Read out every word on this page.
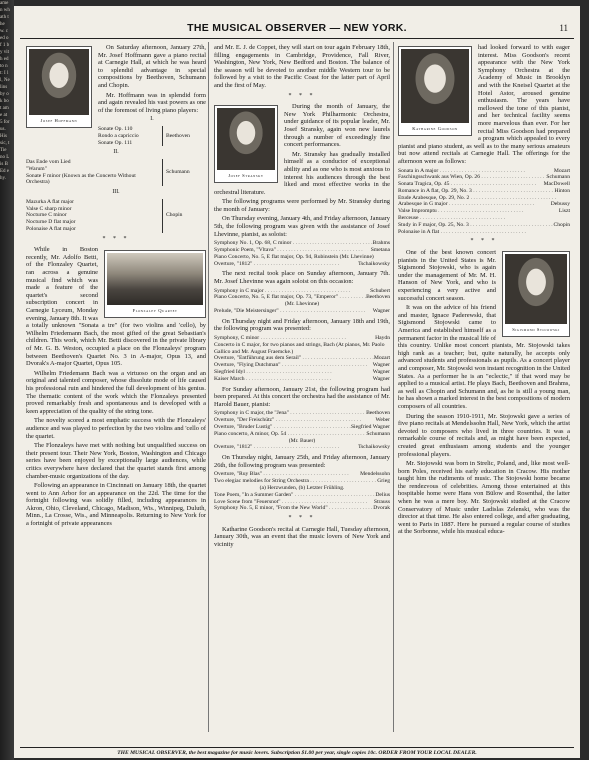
amen wh ath the w. ced of 1 by vith ed to nt: I ll, Ne lins by ok bot ame at 5 for us. His sic, t Tie no L is B Ed e hy.
THE MUSICAL OBSERVER — NEW YORK.	11
Josef Hoffmann

On Saturday afternoon, January 27th, Mr. Josef Hoffmann gave a piano recital at Carnegie Hall, at which he was heard to splendid advantage in special compositions by Beethoven, Schumann and Chopin.

Mr. Hoffmann was in splendid form and again revealed his vast powers as one of the foremost of living piano players:

I.
Sonate Op. 110
Rondo a capriccio
Sonate Op. 111
Beethoven
II.
Das Ende vom Lied
"Warum"
Sonate F minor (Known as the Concerto Without Orchestra)
Schumann
III.
Mazurka A flat major
Valse C sharp minor
Nocturne C minor
Nocturne D flat major
Polonaise A flat major
Chopin
* * *
Flonzaley Quartet

While in Boston recently, Mr. Adolfo Betti, of the Flonzaley Quartet, ran across a genuine musical find which was made a feature of the quartet's second subscription concert in Carnegie Lyceum, Monday evening, January 8th. It was a totally unknown "Sonata a tre" (for two violins and 'cello), by Wilhelm Friedemann Bach, the most gifted of the great Sebastian's children. This work, which Mr. Betti discovered in the private library of Mr. G. B. Weston, occupied a place on the Flonzaleys' program between Beethoven's Quartet No. 3 in A-major, Opus 13, and Dvorak's A-major Quartet, Opus 105.

Wilhelm Friedemann Bach was a virtuoso on the organ and an original and talented composer, whose dissolute mode of life caused his professional ruin and hindered the full development of his genius. The thematic content of the work which the Flonzaleys presented proved remarkably fresh and spontaneous and is developed with a keen appreciation of the quality of the string tone.

The novelty scored a most emphatic success with the Flonzaleys' audience and was played to perfection by the two violins and 'cello of the quartet.

The Flonzaleys have met with nothing but unqualified success on their present tour. Their New York, Boston, Washington and Chicago series have been enjoyed by exceptionally large audiences, while critics everywhere have declared that the quartet stands first among chamber-music organizations of the day.

Following an appearance in Cincinnati on January 18th, the quartet went to Ann Arbor for an appearance on the 22d. The time for the fortnight following was solidly filled, including appearances in Akron, Ohio, Cleveland, Chicago, Madison, Wis., Winnipeg, Duluth, Minn., La Crosse, Wis., and Minneapolis. Returning to New York for a fortnight of private appearances

and Mr. E. J. de Coppet, they will start on tour again February 18th, filling engagements in Cambridge, Providence, Fall River, Washington, New York, New Bedford and Boston. The balance of the season will be devoted to another middle Western tour to be followed by a visit to the Pacific Coast for the latter part of April and the first of May.

* * *
Josef Stransky

During the month of January, the New York Philharmonic Orchestra, under guidance of its popular leader, Mr. Josef Stransky, again won new laurels through a number of exceedingly fine concert performances.

Mr. Stransky has gradually installed himself as a conductor of exceptional ability and as one who is most anxious to interest his audiences through the best liked and most effective works in the orchestral literature.

The following programs were performed by Mr. Stransky during the month of January:

On Thursday evening, January 4th, and Friday afternoon, January 5th, the following program was given with the assistance of Josef Lhevinne, pianist, as soloist:

Symphony No. 1, Op. 68, C minor . . .	Brahms
Symphonic Poem, "Vltava" . . .	Smetana
Piano Concerto, No. 5, E flat major, Op. 94, Rubinstein (Mr. Lhevinne)
Overture, "1812" . . .	Tschaikowsky

The next recital took place on Sunday afternoon, January 7th. Mr. Josef Lhevinne was again soloist on this occasion:

Symphony in C major . . .	Schubert
Piano Concerto, No. 5, E flat major, Op. 73, "Emperor" . . .	Beethoven
(Mr. Lhevinne)
Prelude, "Die Meistersinger" . . .	Wagner

On Thursday night and Friday afternoon, January 18th and 19th, the following program was presented:

Symphony, C minor . . .	Haydn
Concerto in C major, for two pianos and strings, Bach (At pianos, Mr. Paolo Gallico and Mr. August Fraemcke.)
Overture, "Entführung aus dem Serail" . . .	Mozart
Overture, "Flying Dutchman" . . .	Wagner
Siegfried Idyl . . .	Wagner
Kaiser March . . .	Wagner

For Sunday afternoon, January 21st, the following program had been prepared. At this concert the orchestra had the assistance of Mr. Harold Bauer, pianist:

Symphony in C major, the "Jena" . . .	Beethoven
Overture, "Der Freischütz" . . .	Weber
Overture, "Bruder Lustig" . . .	Siegfried Wagner
Piano concerto, A minor, Op. 54 . . .	Schumann
(Mr. Bauer)
Overture, "1812" . . .	Tschaikowsky

On Thursday night, January 25th, and Friday afternoon, January 26th, the following program was presented:

Overture, "Ruy Blas" . . .	Mendelssohn
Two elegiac melodies for String Orchestra . . .	Grieg
(a) Herzwunden, (b) Letzter Frühling.
Tone Poem, "In a Summer Garden" . . .	Delius
Love Scene from "Feuersnot" . . .	Strauss
Symphony No. 5, E minor, "From the New World" . . .	Dvorak
* * *

Katharine Goodson's recital at Carnegie Hall, Tuesday afternoon, January 30th, was an event that the music lovers of New York and vicinity

Katharine Goodson

had looked forward to with eager interest. Miss Goodson's recent appearance with the New York Symphony Orchestra at the Academy of Music in Brooklyn and with the Kneisel Quartet at the Hotel Astor, aroused genuine enthusiasm. The years have mellowed the tone of this pianist, and her technical facility seems more marvelous than ever. For her recital Miss Goodson had prepared a program which appealed to every pianist and piano student, as well as to the many serious amateurs but now attend recitals at Carnegie Hall. The offerings for the afternoon were as follows:

Sonata in A major . . .	Mozart
Faschingsschwank aus Wien, Op. 26 . . .	Schumann
Sonata Tragica, Op. 45 . . .	MacDowell
Romance in A flat, Op. 29, No. 3 . . .	Hinton
Etude Arabesque, Op. 29, No. 2 . . .
Arabesque in G major . . .	Debussy
Valse Impromptu . . .	Liszt
Berceuse . . .
Study in F major, Op. 25, No. 3 . . .	Chopin
Polonaise in A flat . . .
* * *
Sigismond Stojowski

One of the best known concert pianists in the United States is Mr. Sigismond Stojowski, who is again under the management of Mr. M. H. Hanson of New York, and who is experiencing a very active and successful concert season.

It was on the advice of his friend and master, Ignace Paderewski, that Sigismond Stojowski came to America and established himself as a permanent factor in the musical life of this country. Unlike most concert pianists, Mr. Stojowski takes high rank as a teacher; but, quite naturally, he accepts only advanced students and professionals as pupils. As a concert player and composer, Mr. Stojowski won instant recognition in the United States. As a performer he is an "eclectic," if that word may be applied to a musical artist. He plays Bach, Beethoven and Brahms, as well as Chopin and Schumann and, as he is still a young man, he has shown a marked interest in the best compositions of modern composers of all countries.

During the season 1910-1911, Mr. Stojowski gave a series of five piano recitals at Mendelssohn Hall, New York, which the artist devoted to composers who lived in three countries. It was a remarkable course of recitals and, as might have been expected, created great enthusiasm among students and the younger professional players.

Mr. Stojowski was born in Strelic, Poland, and, like most well-born Poles, received his early education in Cracow. His mother taught him the rudiments of music. The Stojowski home became the rendezvous of celebrities. Among those entertained at this hospitable home were Hans von Bülow and Rosenthal, the latter when he was a mere boy. Mr. Stojowski studied at the Cracow Conservatory of Music under Ladislas Zelenski, who was the director at that time. He also entered college, and after graduating, went to Paris in 1887. Here he pursued a regular course of studies at the Sorbonne, while his musical educa-

THE MUSICAL OBSERVER, the best magazine for music lovers. Subscription $1.00 per year, single copies 10c. ORDER FROM YOUR LOCAL DEALER.
